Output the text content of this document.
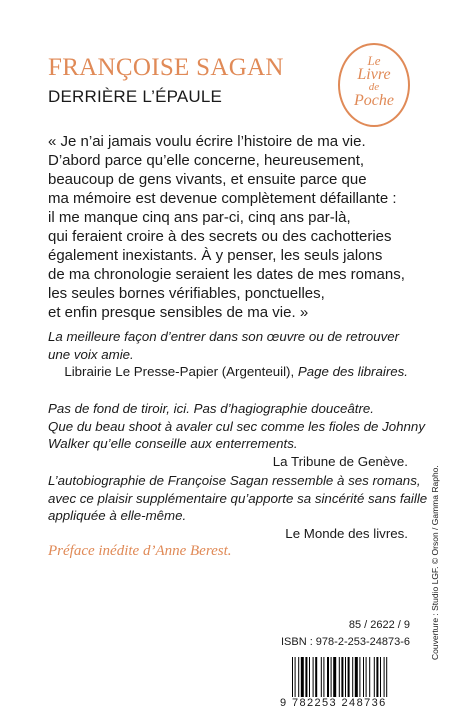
FRANÇOISE SAGAN
DERRIÈRE L’ÉPAULE
Le
Livre
de
Poche
« Je n’ai jamais voulu écrire l’histoire de ma vie.
D’abord parce qu’elle concerne, heureusement,
beaucoup de gens vivants, et ensuite parce que
ma mémoire est devenue complètement défaillante :
il me manque cinq ans par-ci, cinq ans par-là,
qui feraient croire à des secrets ou des cachotteries
également inexistants. À y penser, les seuls jalons
de ma chronologie seraient les dates de mes romans,
les seules bornes vérifiables, ponctuelles,
et enfin presque sensibles de ma vie. »
La meilleure façon d’entrer dans son œuvre ou de retrouver
une voix amie.
Librairie Le Presse-Papier (Argenteuil), Page des libraires.
Pas de fond de tiroir, ici. Pas d’hagiographie douceâtre.
Que du beau shoot à avaler cul sec comme les fioles de Johnny
Walker qu’elle conseille aux enterrements.
La Tribune de Genève.
L’autobiographie de Françoise Sagan ressemble à ses romans,
avec ce plaisir supplémentaire qu’apporte sa sincérité sans faille
appliquée à elle-même.
Le Monde des livres.
Préface inédite d’Anne Berest.
85 / 2622 / 9
ISBN : 978-2-253-24873-6
9 782253 248736
Couverture : Studio LGF. © Orson / Gamma Rapho.
